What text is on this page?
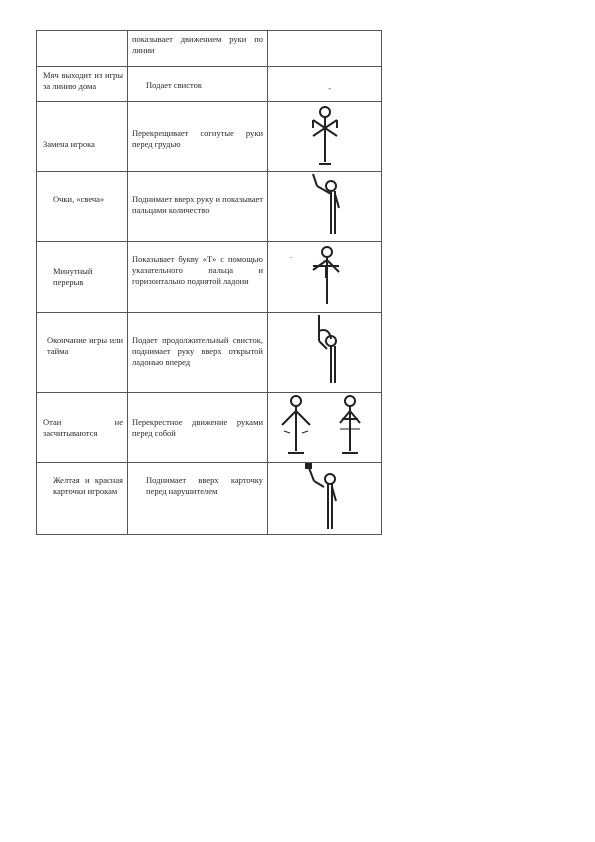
	показывает движением руки по линии	

Мяч выходит из игры за линию дома	Подает свисток	-

Замена игрока	Перекрещивает согнутые руки перед грудью

Очки, «свеча»	Поднимает вверх руку и показывает пальцами количество

Минутный перерыв	Показывает букву «Т» с помощью указательного пальца и горизонтально поднятой ладони	.

Окончание игры или тайма	Подает продолжительный свисток, поднимает руку вверх открытой ладонью вперед

Отаи не засчитываются	Перекрестное движение руками перед собой

Желтая и красная карточки игрокам	Поднимает вверх карточку перед нарушителем
